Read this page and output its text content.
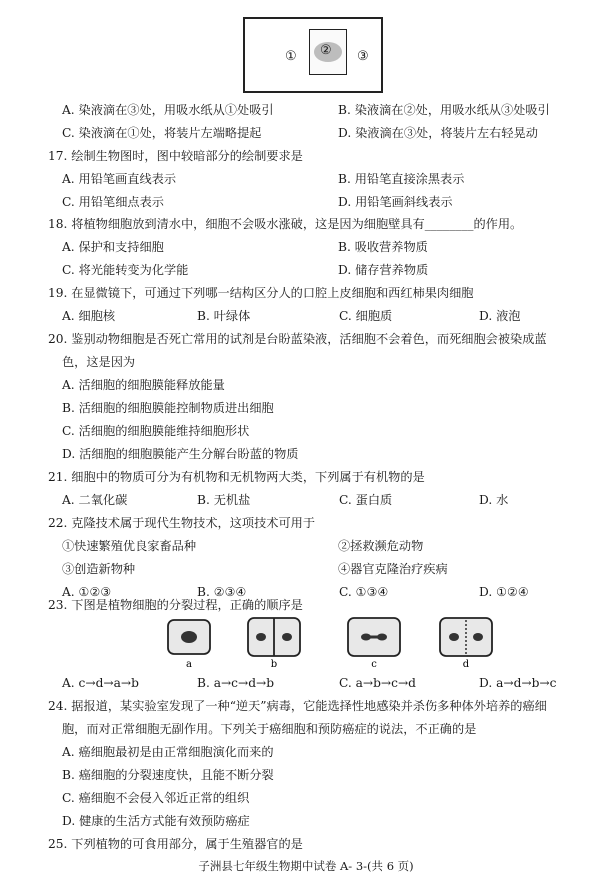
① ② ③
A. 染液滴在③处，用吸水纸从①处吸引	B. 染液滴在②处，用吸水纸从③处吸引
C. 染液滴在①处，将装片左端略提起	D. 染液滴在③处，将装片左右轻晃动
17. 绘制生物图时，图中较暗部分的绘制要求是
A. 用铅笔画直线表示	B. 用铅笔直接涂黑表示
C. 用铅笔细点表示	D. 用铅笔画斜线表示
18. 将植物细胞放到清水中，细胞不会吸水涨破，这是因为细胞壁具有________的作用。
A. 保护和支持细胞	B. 吸收营养物质
C. 将光能转变为化学能	D. 储存营养物质
19. 在显微镜下，可通过下列哪一结构区分人的口腔上皮细胞和西红柿果肉细胞
A. 细胞核	B. 叶绿体	C. 细胞质	D. 液泡
20. 鉴别动物细胞是否死亡常用的试剂是台盼蓝染液，活细胞不会着色，而死细胞会被染成蓝
色，这是因为
A. 活细胞的细胞膜能释放能量
B. 活细胞的细胞膜能控制物质进出细胞
C. 活细胞的细胞膜能维持细胞形状
D. 活细胞的细胞膜能产生分解台盼蓝的物质
21. 细胞中的物质可分为有机物和无机物两大类，下列属于有机物的是
A. 二氧化碳	B. 无机盐	C. 蛋白质	D. 水
22. 克隆技术属于现代生物技术，这项技术可用于
①快速繁殖优良家畜品种	②拯救濒危动物
③创造新物种	④器官克隆治疗疾病
A. ①②③	B. ②③④	C. ①③④	D. ①②④
23. 下图是植物细胞的分裂过程，正确的顺序是
a	b	c	d
A. c→d→a→b	B. a→c→d→b	C. a→b→c→d	D. a→d→b→c
24. 据报道，某实验室发现了一种“逆天”病毒，它能选择性地感染并杀伤多种体外培养的癌细
胞，而对正常细胞无副作用。下列关于癌细胞和预防癌症的说法，不正确的是
A. 癌细胞最初是由正常细胞演化而来的
B. 癌细胞的分裂速度快，且能不断分裂
C. 癌细胞不会侵入邻近正常的组织
D. 健康的生活方式能有效预防癌症
25. 下列植物的可食用部分，属于生殖器官的是
子洲县七年级生物期中试卷 A- 3-(共 6 页)
